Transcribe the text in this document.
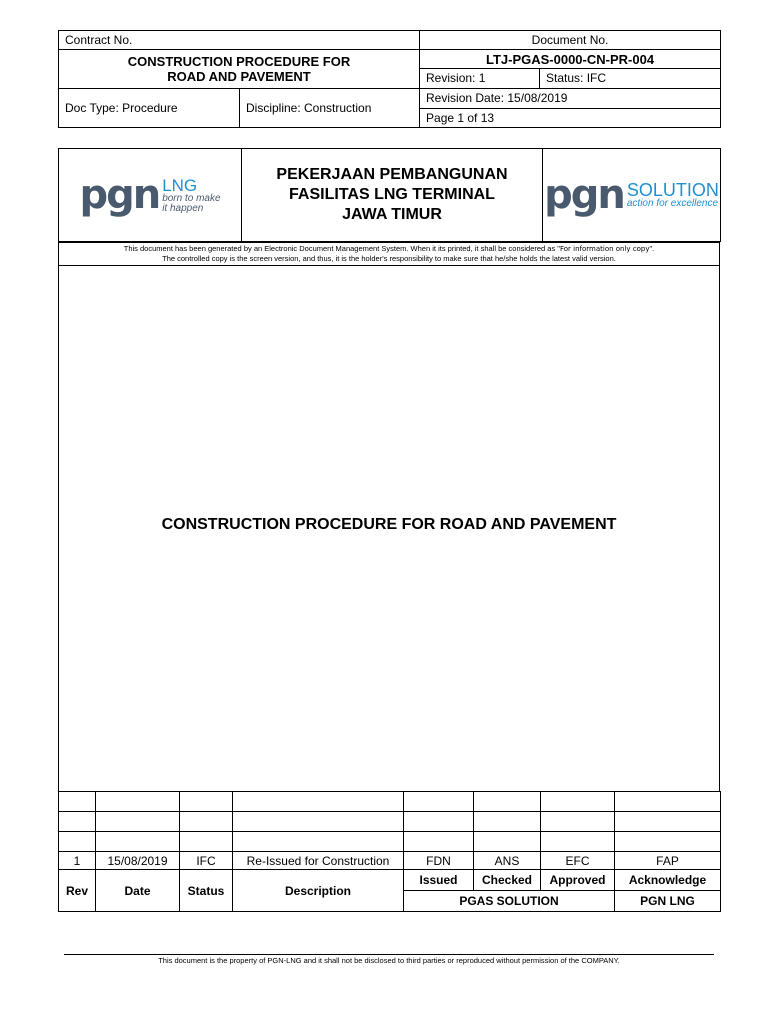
Contract No.		Document No.	

CONSTRUCTION PROCEDURE FOR
ROAD AND PAVEMENT		LTJ-PGAS-0000-CN-PR-004	
		Revision: 1	Status: IFC
Doc Type: Procedure	Discipline: Construction	Revision Date: 15/08/2019	
		Page 1 of 13	
pgn LNG
born to make
it happen

PEKERJAAN PEMBANGUNAN
FASILITAS LNG TERMINAL
JAWA TIMUR	pgn SOLUTION
action for excellence
This document has been generated by an Electronic Document Management System. When it its printed, it shall be considered as "For information only copy".
The controlled copy is the screen version, and thus, it is the holder's responsibility to make sure that he/she holds the latest valid version.
CONSTRUCTION PROCEDURE FOR ROAD AND PAVEMENT

1	15/08/2019	IFC	Re-Issued for Construction	FDN	ANS	EFC	FAP
Rev	Date	Status	Description	Issued	Checked	Approved	Acknowledge
				PGAS SOLUTION			PGN LNG
This document is the property of PGN-LNG and it shall not be disclosed to third parties or reproduced without permission of the COMPANY.
